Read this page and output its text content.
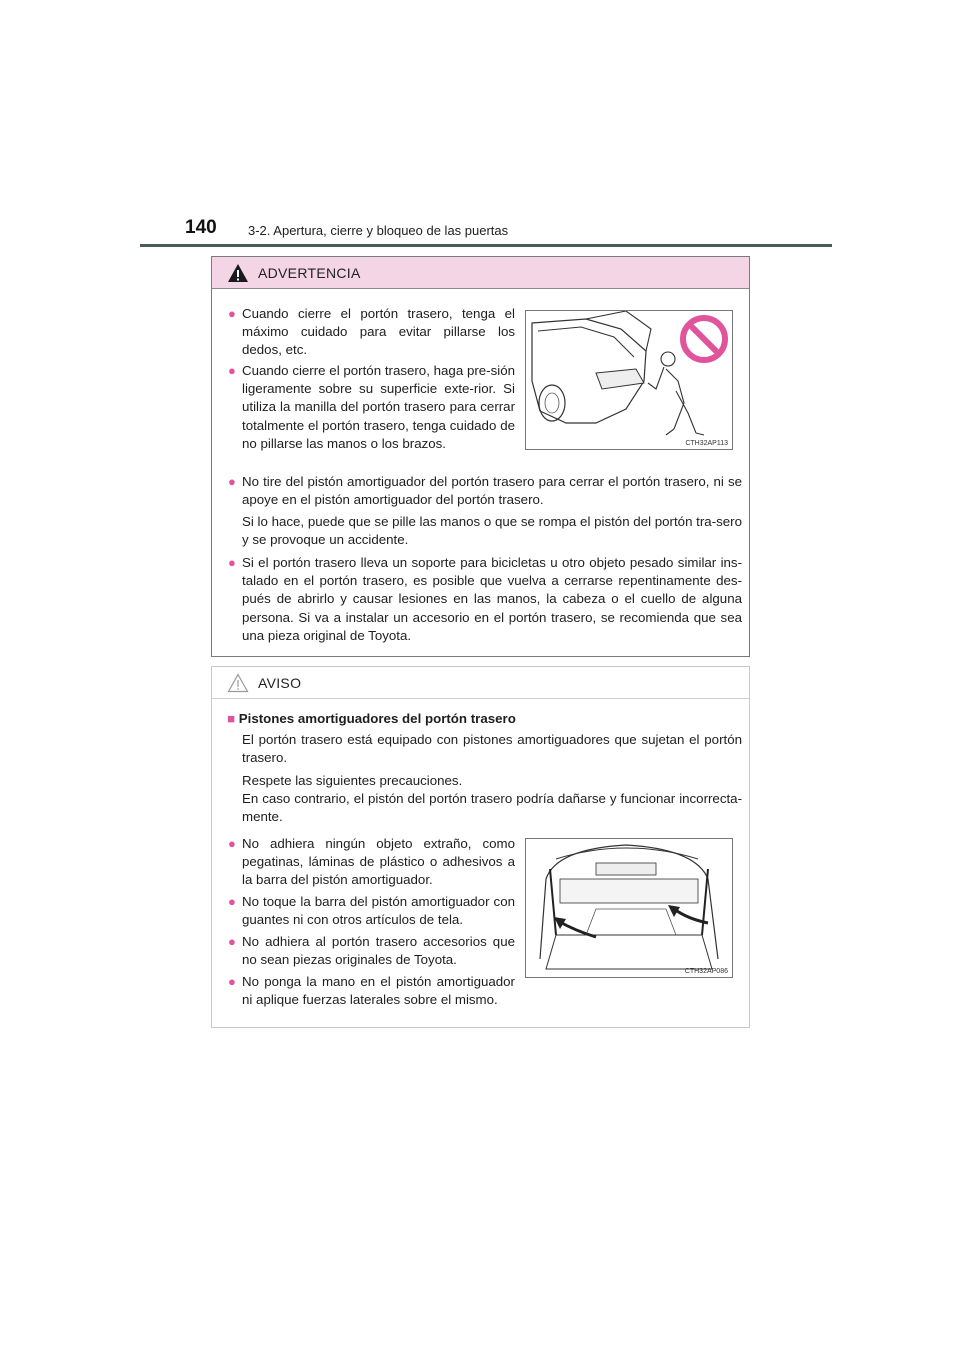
140 3-2. Apertura, cierre y bloqueo de las puertas
ADVERTENCIA
● Cuando cierre el portón trasero, tenga el máximo cuidado para evitar pillarse los dedos, etc.
● Cuando cierre el portón trasero, haga pre-sión ligeramente sobre su superficie exte-rior. Si utiliza la manilla del portón trasero para cerrar totalmente el portón trasero, tenga cuidado de no pillarse las manos o los brazos.	CTH32AP113
● No tire del pistón amortiguador del portón trasero para cerrar el portón trasero, ni se apoye en el pistón amortiguador del portón trasero.
Si lo hace, puede que se pille las manos o que se rompa el pistón del portón tra-sero y se provoque un accidente.
● Si el portón trasero lleva un soporte para bicicletas u otro objeto pesado similar ins-talado en el portón trasero, es posible que vuelva a cerrarse repentinamente des-pués de abrirlo y causar lesiones en las manos, la cabeza o el cuello de alguna persona. Si va a instalar un accesorio en el portón trasero, se recomienda que sea una pieza original de Toyota.
AVISO
■ Pistones amortiguadores del portón trasero
El portón trasero está equipado con pistones amortiguadores que sujetan el portón trasero.
Respete las siguientes precauciones.
En caso contrario, el pistón del portón trasero podría dañarse y funcionar incorrecta-mente.
● No adhiera ningún objeto extraño, como pegatinas, láminas de plástico o adhesivos a la barra del pistón amortiguador.
● No toque la barra del pistón amortiguador con guantes ni con otros artículos de tela.
● No adhiera al portón trasero accesorios que no sean piezas originales de Toyota.
● No ponga la mano en el pistón amortiguador ni aplique fuerzas laterales sobre el mismo.
CTH32AP086
